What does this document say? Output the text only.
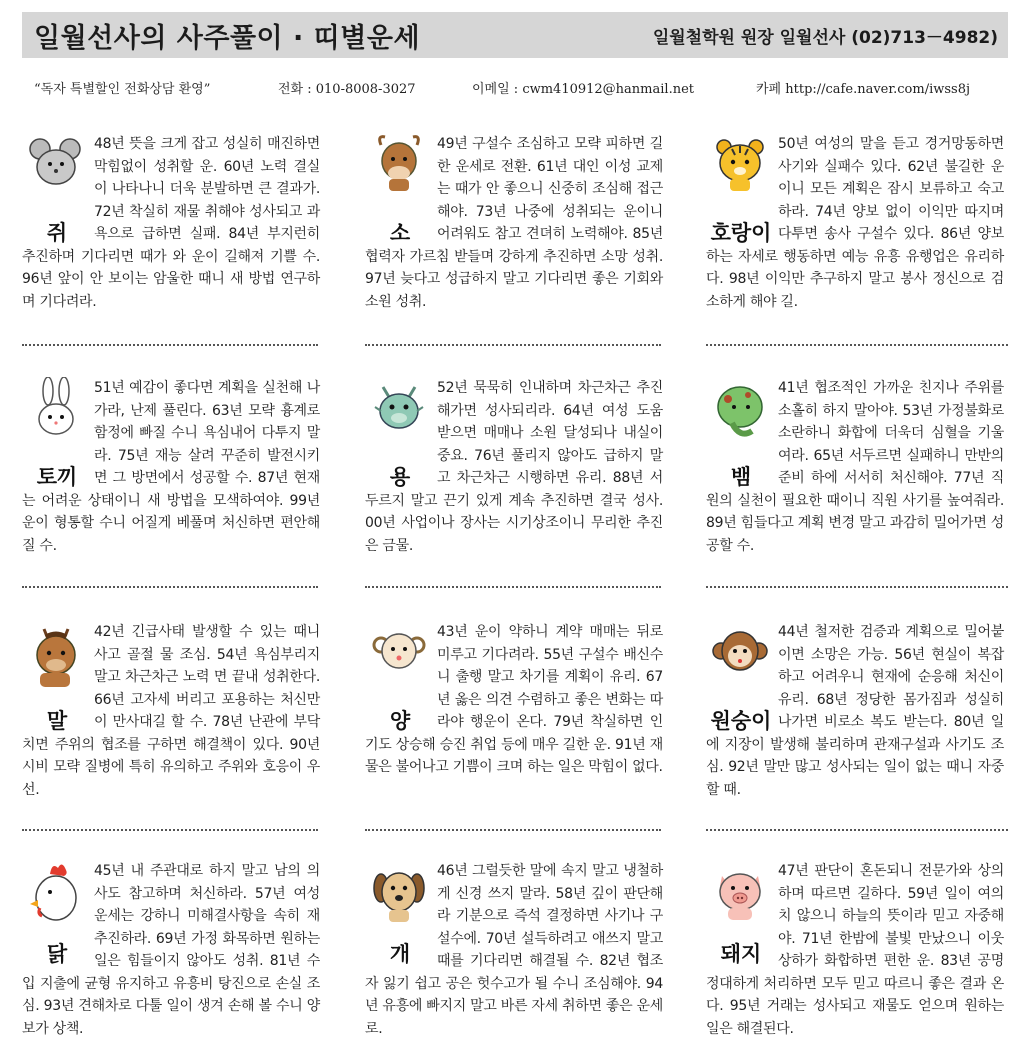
일월선사의 사주풀이 · 띠별운세	일월철학원 원장 일월선사 (02)713－4982)
“독자 특별할인 전화상담 환영”	전화 : 010-8008-3027	이메일 : cwm410912@hanmail.net	카페 http://cafe.naver.com/iwss8j
쥐

48년 뜻을 크게 잡고 성실히 매진하면 막힘없이 성취할 운. 60년 노력 결실이 나타나니 더욱 분발하면 큰 결과가. 72년 착실히 재물 취해야 성사되고 과욕으로 급하면 실패. 84년 부지런히 추진하며 기다리면 때가 와 운이 길해져 기쁠 수. 96년 앞이 안 보이는 암울한 때니 새 방법 연구하며 기다려라.

소

49년 구설수 조심하고 모략 피하면 길한 운세로 전환. 61년 대인 이성 교제는 때가 안 좋으니 신중히 조심해 접근해야. 73년 나중에 성취되는 운이니 어려워도 참고 견뎌히 노력해야. 85년 협력자 가르침 받들며 강하게 추진하면 소망 성취. 97년 늦다고 성급하지 말고 기다리면 좋은 기회와 소원 성취.

호랑이

50년 여성의 말을 듣고 경거망동하면 사기와 실패수 있다. 62년 불길한 운이니 모든 계획은 잠시 보류하고 숙고하라. 74년 양보 없이 이익만 따지며 다투면 송사 구설수 있다. 86년 양보하는 자세로 행동하면 예능 유흥 유행업은 유리하다. 98년 이익만 추구하지 말고 봉사 정신으로 검소하게 해야 길.

토끼

51년 예감이 좋다면 계획을 실천해 나가라, 난제 풀린다. 63년 모략 흉계로 함정에 빠질 수니 욕심내어 다투지 말라. 75년 재능 살려 꾸준히 발전시키면 그 방면에서 성공할 수. 87년 현재는 어려운 상태이니 새 방법을 모색하여야. 99년 운이 형통할 수니 어질게 베풀며 처신하면 편안해질 수.

용

52년 묵묵히 인내하며 차근차근 추진해가면 성사되리라. 64년 여성 도움 받으면 매매나 소원 달성되나 내실이 중요. 76년 풀리지 않아도 급하지 말고 차근차근 시행하면 유리. 88년 서두르지 말고 끈기 있게 계속 추진하면 결국 성사. 00년 사업이나 장사는 시기상조이니 무리한 추진은 금물.

뱀

41년 협조적인 가까운 친지나 주위를 소홀히 하지 말아야. 53년 가정불화로 소란하니 화합에 더욱더 심혈을 기울여라. 65년 서두르면 실패하니 만반의 준비 하에 서서히 처신해야. 77년 직원의 실천이 필요한 때이니 직원 사기를 높여줘라. 89년 힘들다고 계획 변경 말고 과감히 밀어가면 성공할 수.

말

42년 긴급사태 발생할 수 있는 때니 사고 골절 물 조심. 54년 욕심부리지 말고 차근차근 노력 면 끝내 성취한다. 66년 고자세 버리고 포용하는 처신만이 만사대길 할 수. 78년 난관에 부닥치면 주위의 협조를 구하면 해결책이 있다. 90년 시비 모략 질병에 특히 유의하고 주위와 호응이 우선.

양

43년 운이 약하니 계약 매매는 뒤로 미루고 기다려라. 55년 구설수 배신수니 출행 말고 차기를 계획이 유리. 67년 옳은 의견 수렴하고 좋은 변화는 따라야 행운이 온다. 79년 착실하면 인기도 상승해 승진 취업 등에 매우 길한 운. 91년 재물은 불어나고 기쁨이 크며 하는 일은 막힘이 없다.

원숭이

44년 철저한 검증과 계획으로 밀어붙이면 소망은 가능. 56년 현실이 복잡하고 어려우니 현재에 순응해 처신이 유리. 68년 정당한 몸가짐과 성실히 나가면 비로소 복도 받는다. 80년 일에 지장이 발생해 불리하며 관재구설과 사기도 조심. 92년 말만 많고 성사되는 일이 없는 때니 자중할 때.

닭

45년 내 주관대로 하지 말고 남의 의사도 참고하며 처신하라. 57년 여성 운세는 강하니 미해결사항을 속히 재추진하라. 69년 가정 화목하면 원하는 일은 힘들이지 않아도 성취. 81년 수입 지출에 균형 유지하고 유흥비 탕진으로 손실 조심. 93년 견해차로 다툴 일이 생겨 손해 볼 수니 양보가 상책.

개

46년 그럴듯한 말에 속지 말고 냉철하게 신경 쓰지 말라. 58년 깊이 판단해라 기분으로 즉석 결정하면 사기나 구설수에. 70년 설득하려고 애쓰지 말고 때를 기다리면 해결될 수. 82년 협조자 잃기 쉽고 공은 헛수고가 될 수니 조심해야. 94년 유흥에 빠지지 말고 바른 자세 취하면 좋은 운세로.

돼지

47년 판단이 혼돈되니 전문가와 상의하며 따르면 길하다. 59년 일이 여의치 않으니 하늘의 뜻이라 믿고 자중해야. 71년 한밤에 불빛 만났으니 이웃상하가 화합하면 편한 운. 83년 공명정대하게 처리하면 모두 믿고 따르니 좋은 결과 온다. 95년 거래는 성사되고 재물도 얻으며 원하는 일은 해결된다.
